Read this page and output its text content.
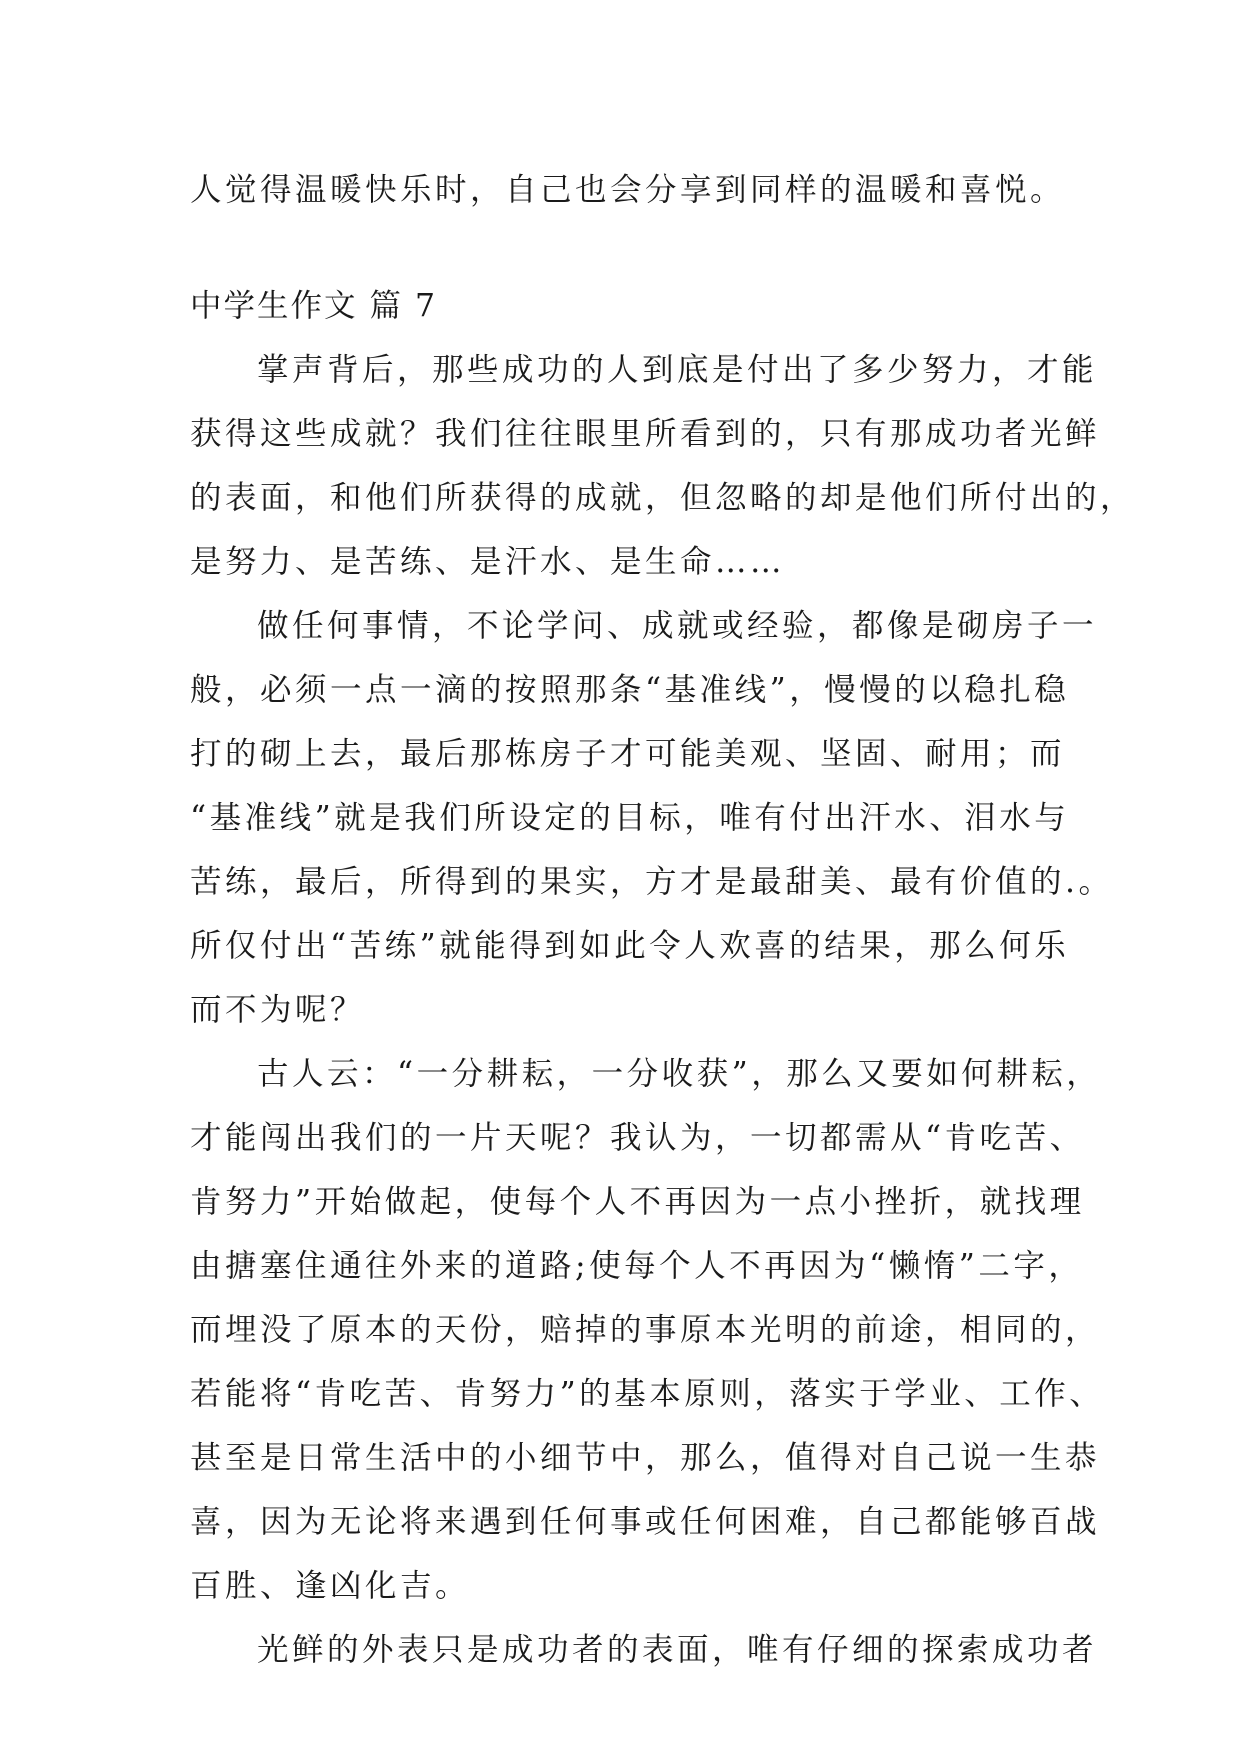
人觉得温暖快乐时，自己也会分享到同样的温暖和喜悦。

中学生作文 篇 7

掌声背后，那些成功的人到底是付出了多少努力，才能

获得这些成就？我们往往眼里所看到的，只有那成功者光鲜

的表面，和他们所获得的成就，但忽略的却是他们所付出的，

是努力、是苦练、是汗水、是生命……

做任何事情，不论学问、成就或经验，都像是砌房子一

般，必须一点一滴的按照那条“基准线”，慢慢的以稳扎稳

打的砌上去，最后那栋房子才可能美观、坚固、耐用；而

“基准线”就是我们所设定的目标，唯有付出汗水、泪水与

苦练，最后，所得到的果实，方才是最甜美、最有价值的.。

所仅付出“苦练”就能得到如此令人欢喜的结果，那么何乐

而不为呢？

古人云：“一分耕耘，一分收获”，那么又要如何耕耘，

才能闯出我们的一片天呢？我认为，一切都需从“肯吃苦、

肯努力”开始做起，使每个人不再因为一点小挫折，就找理

由搪塞住通往外来的道路;使每个人不再因为“懒惰”二字，

而埋没了原本的天份，赔掉的事原本光明的前途，相同的，

若能将“肯吃苦、肯努力”的基本原则，落实于学业、工作、

甚至是日常生活中的小细节中，那么，值得对自己说一生恭

喜，因为无论将来遇到任何事或任何困难，自己都能够百战

百胜、逢凶化吉。

光鲜的外表只是成功者的表面，唯有仔细的探索成功者
